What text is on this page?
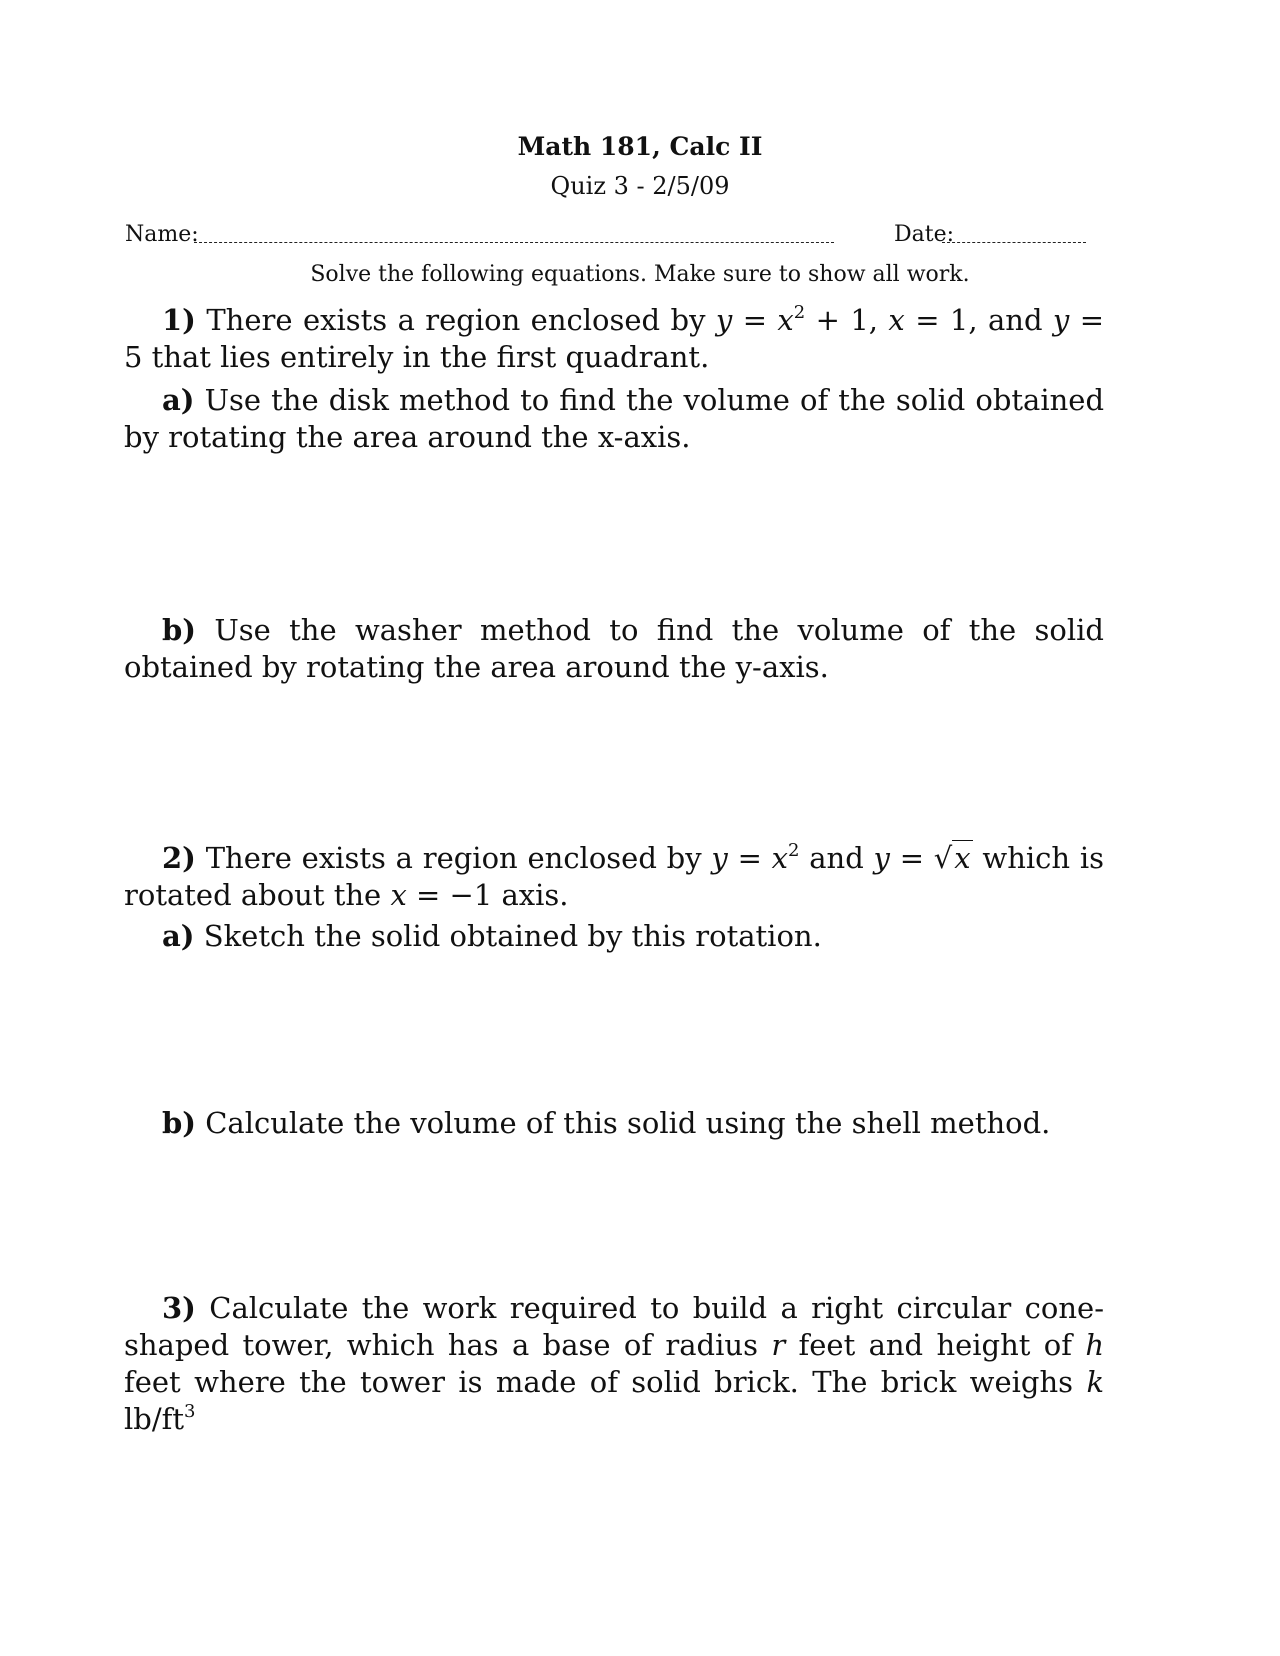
Math 181, Calc II
Quiz 3 - 2/5/09
Name:	Date:
Solve the following equations. Make sure to show all work.

1) There exists a region enclosed by $y = x^2 + 1$, x = 1, and y = 5 that lies entirely in the first quadrant.

a) Use the disk method to find the volume of the solid obtained by rotating the area around the x-axis.

b) Use the washer method to find the volume of the solid obtained by rotating the area around the y-axis.

2) There exists a region enclosed by $y = x^2$ and y = √x which is rotated about the x = −1 axis.

a) Sketch the solid obtained by this rotation.

b) Calculate the volume of this solid using the shell method.

3) Calculate the work required to build a right circular cone-shaped tower, which has a base of radius r feet and height of h feet where the tower is made of solid brick. The brick weighs k $lb/ft^3$
